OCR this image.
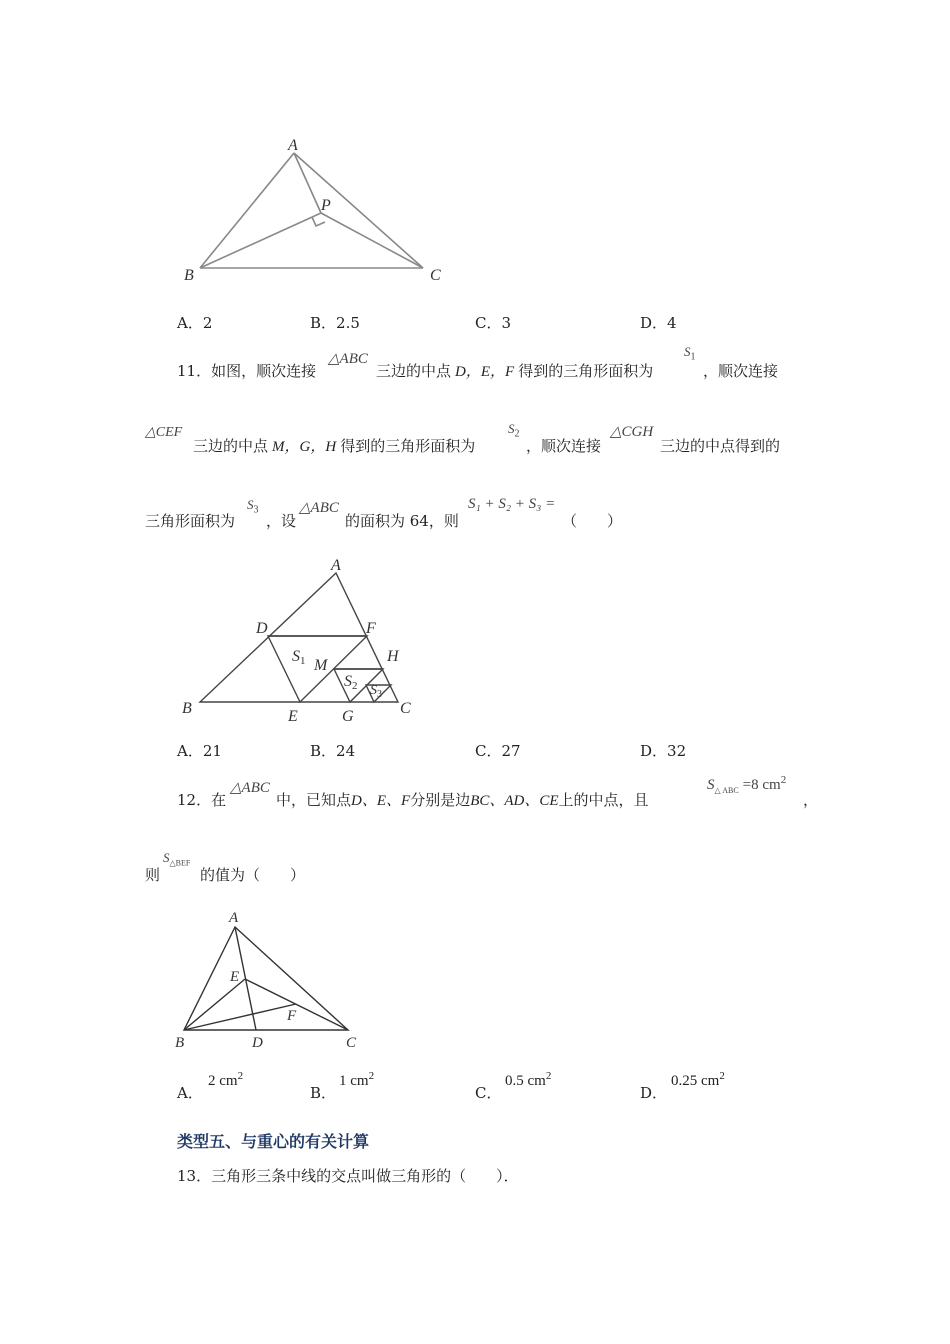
A
P
B	C
A．2	B．2.5	C．3	D．4
11．如图，顺次连接
△ABC
三边的中点 D，E，F 得到的三角形面积为
$S_1$
，顺次连接
△CEF
三边的中点 M，G，H 得到的三角形面积为
$S_2$
，顺次连接
△CGH
三边的中点得到的
三角形面积为
$S_3$
，设
△ABC
的面积为 64，则
S₁ + S₂ + S₃ =
（　　）
A
D	F
H
M
B	E	G	C
S1
S2 $S_3$
A．21	B．24	C．27	D．32
12．在
△ABC
中，已知点D、E、F分别是边BC、AD、CE上的中点，且
$S_{\triangle ABC} =8$ $cm^2$
，
则
$S_{\triangle BEF}$
的值为（　　）
A
E
F
B	D	C
A．
2 $cm^2$
B．
1 $cm^2$
C．
0.5 $cm^2$
D．
0.25 $cm^2$
类型五、与重心的有关计算
13．三角形三条中线的交点叫做三角形的（　　）．
